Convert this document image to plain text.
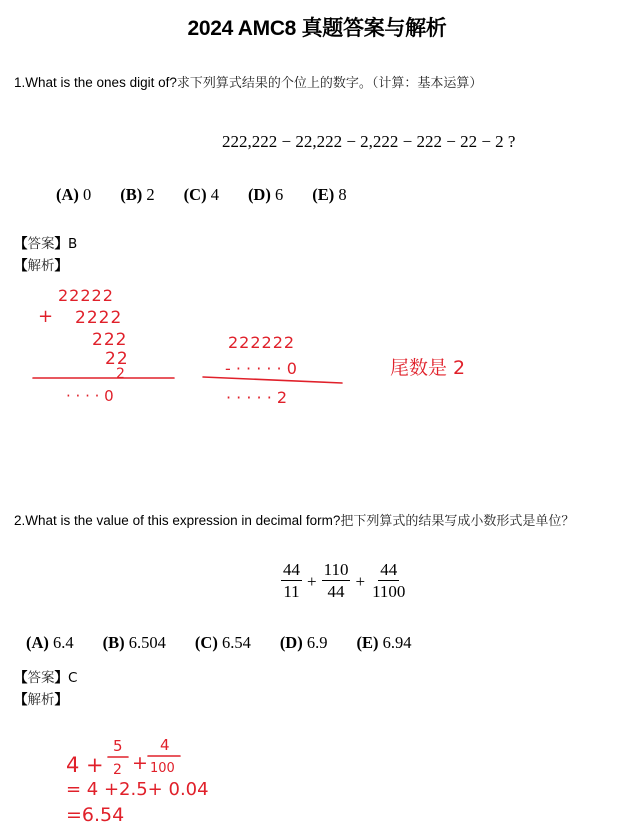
2024 AMC8 真题答案与解析
1.What is the ones digit of?求下列算式结果的个位上的数字。（计算：基本运算）
222,222 − 22,222 − 2,222 − 222 − 22 − 2 ?
(A) 0 (B) 2 (C) 4 (D) 6 (E) 8
【答案】B
【解析】
22222
+ 2222
222
22
2
· · · · 0
222222
- · · · · · 0
· · · · · 2
尾数是 2
2.What is the value of this expression in decimal form?把下列算式的结果写成小数形式是单位？
$\frac{44}{11} + \frac{110}{44} + \frac{44}{1100}$
(A) 6.4 (B) 6.504 (C) 6.54 (D) 6.9 (E) 6.94
【答案】C
【解析】
4 +
5
2 +
4
100
= 4 +2.5+ 0.04
=6.54
